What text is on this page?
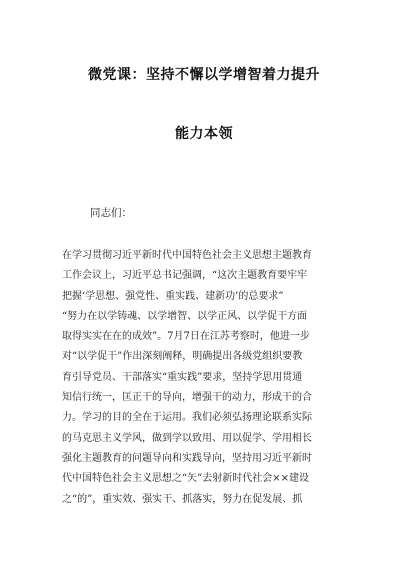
微党课：坚持不懈以学增智着力提升
能力本领
同志们：
在学习贯彻习近平新时代中国特色社会主义思想主题教育
工作会议上，习近平总书记强调，“这次主题教育要牢牢
把握‘学思想、强党性、重实践、建新功’的总要求”
“努力在以学铸魂、以学增智、以学正风、以学促干方面
取得实实在在的成效”。7月7日在江苏考察时，他进一步
对“以学促干”作出深刻阐释，明确提出各级党组织要教
育引导党员、干部落实“重实践”要求，坚持学思用贯通
知信行统一，匡正干的导向，增强干的动力，形成干的合
力。学习的目的全在于运用。我们必须弘扬理论联系实际
的马克思主义学风，做到学以致用、用以促学、学用相长
强化主题教育的问题导向和实践导向，坚持用习近平新时
代中国特色社会主义思想之“矢”去射新时代社会××建设
之“的”，重实效、强实干、抓落实，努力在促发展、抓
